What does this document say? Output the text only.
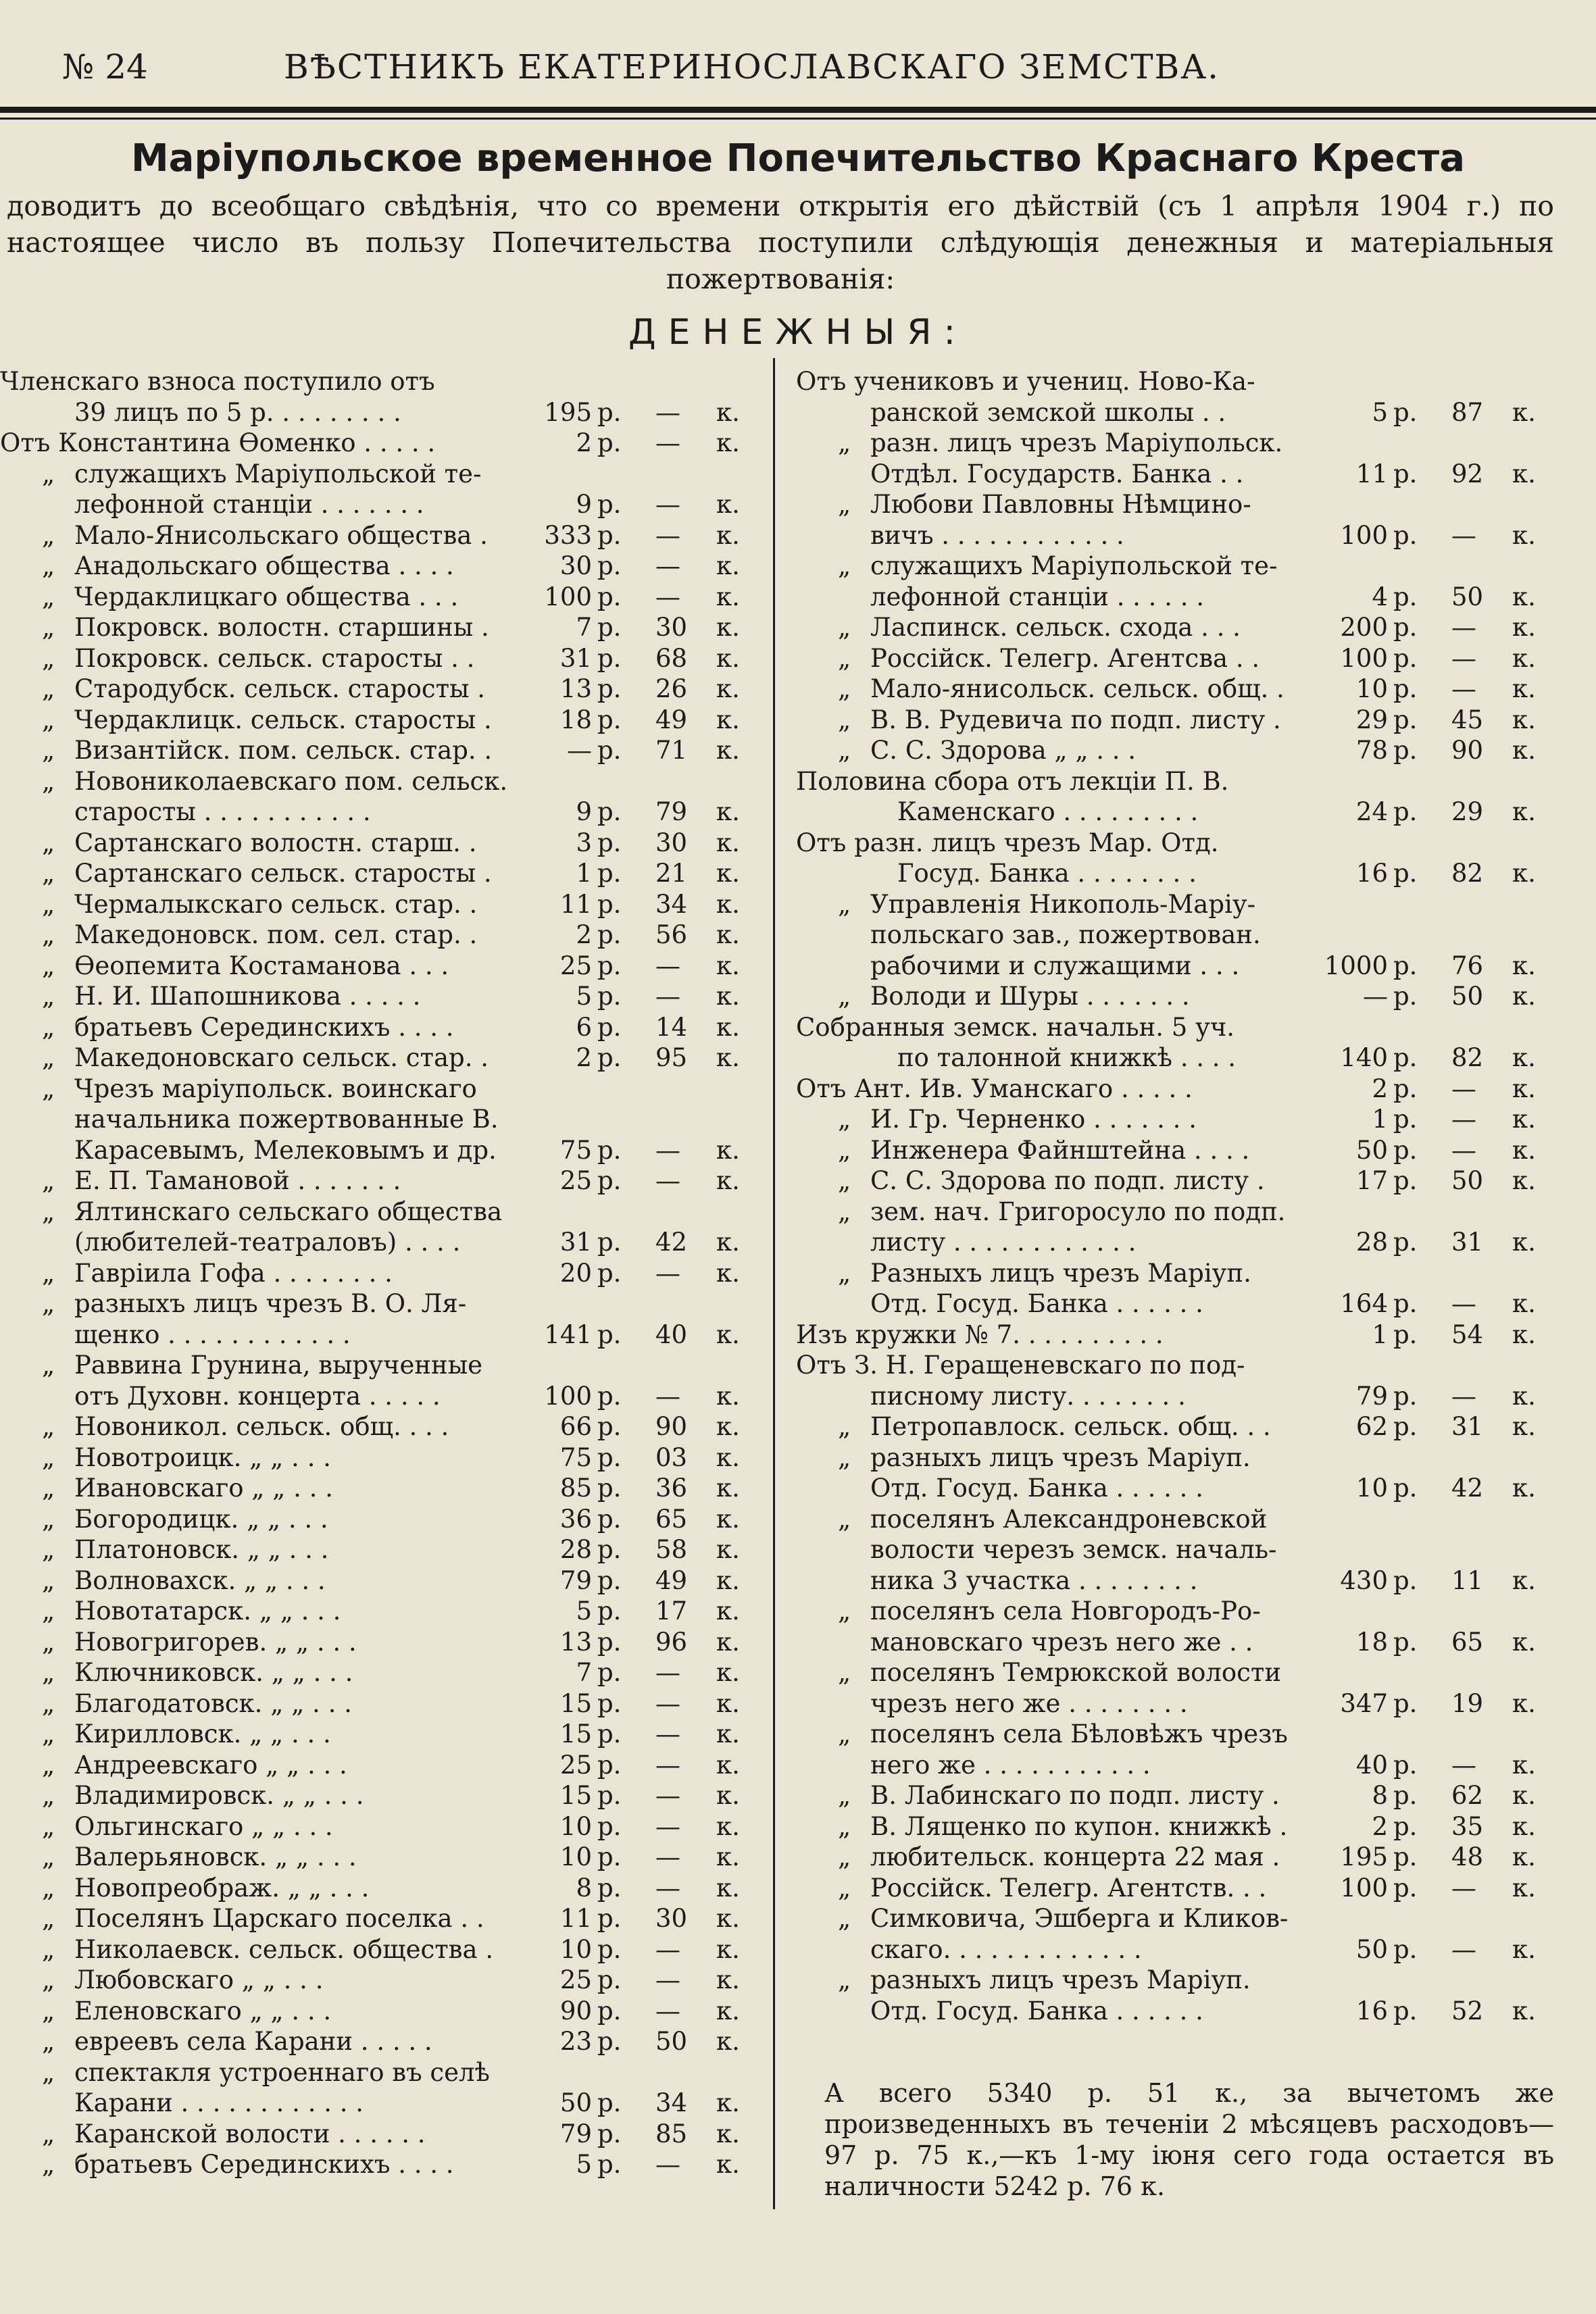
№ 24	ВѢСТНИКЪ ЕКАТЕРИНОСЛАВСКАГО ЗЕМСТВА.
Маріупольское временное Попечительство Краснаго Креста
доводитъ до всеобщаго свѣдѣнія, что со времени открытія его дѣйствій (съ 1 апрѣля 1904 г.) по настоящее число въ пользу Попечительства поступили слѣдующія денежныя и матеріальныя пожертвованія:
ДЕНЕЖНЫЯ:
Членскаго взноса поступило отъ
39 лицъ по 5 р. . . . . . . . .	195 р. — к.
Отъ Константина Ѳоменко . . . . .	2 р. — к.
„ служащихъ Маріупольской те-
лефонной станціи . . . . . . .	9 р. — к.
„ Мало-Янисольскаго общества . 333 р. — к.
„ Анадольскаго общества . . . .	30 р. — к.
„ Чердаклицкаго общества . . .	100 р. — к.
„ Покровск. волостн. старшины .	7 р. 30 к.
„ Покровск. сельск. старосты . .	31 р. 68 к.
„ Стародубск. сельск. старосты .	13 р. 26 к.
„ Чердаклицк. сельск. старосты .	18 р. 49 к.
„ Византійск. пом. сельск. стар. .	— р. 71 к.
„ Новониколаевскаго пом. сельск.
старосты . . . . . . . . . . .	9 р. 79 к.
„ Сартанскаго волостн. старш. .	3 р. 30 к.
„ Сартанскаго сельск. старосты .	1 р. 21 к.
„ Чермалыкскаго сельск. стар. .	11 р. 34 к.
„ Македоновск. пом. сел. стар. .	2 р. 56 к.
„ Ѳеопемита Костаманова . . .	25 р. — к.
„ Н. И. Шапошникова . . . . .	5 р. — к.
„ братьевъ Серединскихъ . . . .	6 р. 14 к.
„ Македоновскаго сельск. стар. .	2 р. 95 к.
„ Чрезъ маріупольск. воинскаго
начальника пожертвованные В.
Карасевымъ, Мелековымъ и др.	75 р. — к.
„ Е. П. Тамановой . . . . . . .	25 р. — к.
„ Ялтинскаго сельскаго общества
(любителей-театраловъ) . . . .	31 р. 42 к.
„ Гавріила Гофа . . . . . . . .	20 р. — к.
„ разныхъ лицъ чрезъ В. О. Ля-
щенко . . . . . . . . . . . .	141 р. 40 к.
„ Раввина Грунина, вырученные
отъ Духовн. концерта . . . . .	100 р. — к.
„ Новоникол. сельск. общ. . . .	66 р. 90 к.
„ Новотроицк. „ „ . . .	75 р. 03 к.
„ Ивановскаго „ „ . . .	85 р. 36 к.
„ Богородицк. „ „ . . .	36 р. 65 к.
„ Платоновск. „ „ . . .	28 р. 58 к.
„ Волновахск. „ „ . . .	79 р. 49 к.
„ Новотатарск. „ „ . . .	5 р. 17 к.
„ Новогригорев. „ „ . . .	13 р. 96 к.
„ Ключниковск. „ „ . . .	7 р. — к.
„ Благодатовск. „ „ . . .	15 р. — к.
„ Кирилловск. „ „ . . .	15 р. — к.
„ Андреевскаго „ „ . . .	25 р. — к.
„ Владимировск. „ „ . . .	15 р. — к.
„ Ольгинскаго „ „ . . .	10 р. — к.
„ Валерьяновск. „ „ . . .	10 р. — к.
„ Новопреображ. „ „ . . .	8 р. — к.
„ Поселянъ Царскаго поселка . .	11 р. 30 к.
„ Николаевск. сельск. общества .	10 р. — к.
„ Любовскаго „ „ . . .	25 р. — к.
„ Еленовскаго „ „ . . .	90 р. — к.
„ евреевъ села Карани . . . . .	23 р. 50 к.
„ спектакля устроеннаго въ селѣ
Карани . . . . . . . . . . . .	50 р. 34 к.
„ Каранской волости . . . . . .	79 р. 85 к.
„ братьевъ Серединскихъ . . . .	5 р. — к.
Отъ учениковъ и учениц. Ново-Ка-
ранской земской школы . .	5 р. 87 к.
„ разн. лицъ чрезъ Маріупольск.
Отдѣл. Государств. Банка . .	11 р. 92 к.
„ Любови Павловны Нѣмцино-
вичъ . . . . . . . . . . . .	100 р. — к.
„ служащихъ Маріупольской те-
лефонной станціи . . . . . .	4 р. 50 к.
„ Ласпинск. сельск. схода . . .	200 р. — к.
„ Россійск. Телегр. Агентсва . .	100 р. — к.
„ Мало-янисольск. сельск. общ. .	10 р. — к.
„ В. В. Рудевича по подп. листу .	29 р. 45 к.
„ С. С. Здорова „ „ . . .	78 р. 90 к.
Половина сбора отъ лекціи П. В.
Каменскаго . . . . . . . . .	24 р. 29 к.
Отъ разн. лицъ чрезъ Мар. Отд.
Госуд. Банка . . . . . . . .	16 р. 82 к.
„ Управленія Никополь-Маріу-
польскаго зав., пожертвован.
рабочими и служащими . . .	1000 р. 76 к.
„ Володи и Шуры . . . . . . .	— р. 50 к.
Собранныя земск. начальн. 5 уч.
по талонной книжкѣ . . . .	140 р. 82 к.
Отъ Ант. Ив. Уманскаго . . . . .	2 р. — к.
„ И. Гр. Черненко . . . . . . .	1 р. — к.
„ Инженера Файнштейна . . . .	50 р. — к.
„ С. С. Здорова по подп. листу .	17 р. 50 к.
„ зем. нач. Григоросуло по подп.
листу . . . . . . . . . . . .	28 р. 31 к.
„ Разныхъ лицъ чрезъ Маріуп.
Отд. Госуд. Банка . . . . . .	164 р. — к.
Изъ кружки № 7. . . . . . . . . .	1 р. 54 к.
Отъ З. Н. Геращеневскаго по под-
писному листу. . . . . . . .	79 р. — к.
„ Петропавлоск. сельск. общ. . .	62 р. 31 к.
„ разныхъ лицъ чрезъ Маріуп.
Отд. Госуд. Банка . . . . . .	10 р. 42 к.
„ поселянъ Александроневской
волости черезъ земск. началь-
ника 3 участка . . . . . . . .	430 р. 11 к.
„ поселянъ села Новгородъ-Ро-
мановскаго чрезъ него же . .	18 р. 65 к.
„ поселянъ Темрюкской волости
чрезъ него же . . . . . . . .	347 р. 19 к.
„ поселянъ села Бѣловѣжъ чрезъ
него же . . . . . . . . . . .	40 р. — к.
„ В. Лабинскаго по подп. листу .	8 р. 62 к.
„ В. Лященко по купон. книжкѣ .	2 р. 35 к.
„ любительск. концерта 22 мая . 195 р. 48 к.
„ Россійск. Телегр. Агентств. . .	100 р. — к.
„ Симковича, Эшберга и Кликов-
скаго. . . . . . . . . . . . .	50 р. — к.
„ разныхъ лицъ чрезъ Маріуп.
Отд. Госуд. Банка . . . . . .	16 р. 52 к.
А всего 5340 р. 51 к., за вычетомъ же произведенныхъ въ теченіи 2 мѣсяцевъ расходовъ— 97 р. 75 к.,—къ 1-му іюня сего года остается въ наличности 5242 р. 76 к.
